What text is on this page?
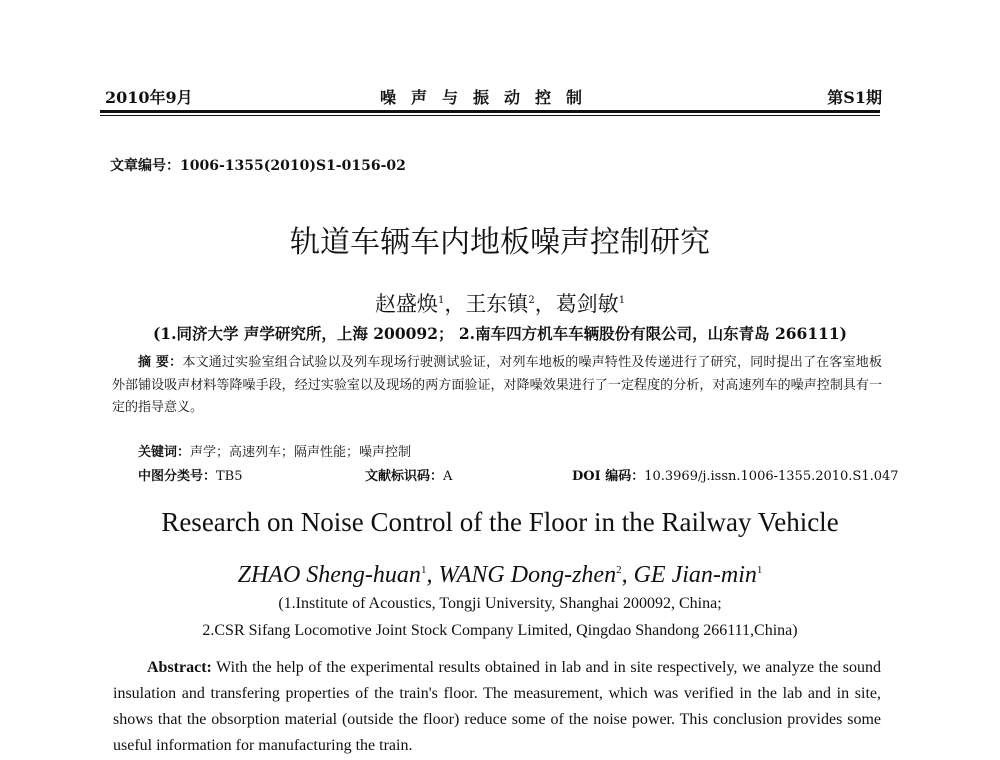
2010年9月	噪声与振动控制	第S1期
文章编号：1006-1355(2010)S1-0156-02
轨道车辆车内地板噪声控制研究
赵盛焕$^1$，王东镇$^2$，葛剑敏$^1$
(1.同济大学 声学研究所，上海 200092； 2.南车四方机车车辆股份有限公司，山东青岛 266111)
摘 要：本文通过实验室组合试验以及列车现场行驶测试验证，对列车地板的噪声特性及传递进行了研究，同时提出了在客室地板外部铺设吸声材料等降噪手段，经过实验室以及现场的两方面验证，对降噪效果进行了一定程度的分析，对高速列车的噪声控制具有一定的指导意义。
关键词：声学；高速列车；隔声性能；噪声控制
中图分类号：TB5	文献标识码：A	DOI 编码：10.3969/j.issn.1006-1355.2010.S1.047
Research on Noise Control of the Floor in the Railway Vehicle
ZHAO Sheng-huan$^1$, WANG Dong-zhen$^2$, GE Jian-$\min^1$
(1.Institute of Acoustics, Tongji University, Shanghai 200092, China;
2.CSR Sifang Locomotive Joint Stock Company Limited, Qingdao Shandong 266111,China)
Abstract: With the help of the experimental results obtained in lab and in site respectively, we analyze the sound insulation and transfering properties of the train's floor. The measurement, which was verified in the lab and in site, shows that the obsorption material (outside the floor) reduce some of the noise power. This conclusion provides some useful information for manufacturing the train.
